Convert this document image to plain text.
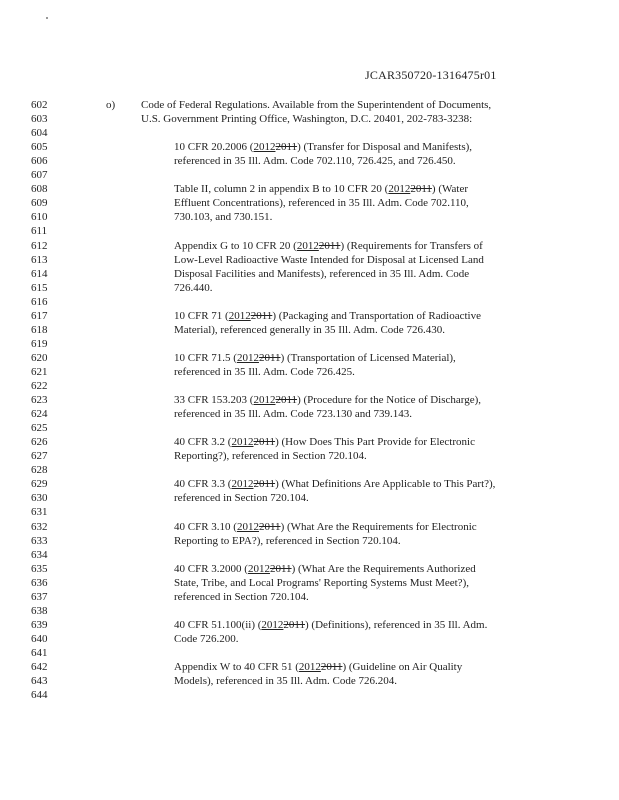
JCAR350720-1316475r01
602
603
604
605
606
607
608
609
610
611
612
613
614
615
616
617
618
619
620
621
622
623
624
625
626
627
628
629
630
631
632
633
634
635
636
637
638
639
640
641
642
643
644
o) Code of Federal Regulations. Available from the Superintendent of Documents,
U.S. Government Printing Office, Washington, D.C. 20401, 202-783-3238:
10 CFR 20.2006 (20122011) (Transfer for Disposal and Manifests),
referenced in 35 Ill. Adm. Code 702.110, 726.425, and 726.450.
Table II, column 2 in appendix B to 10 CFR 20 (20122011) (Water
Effluent Concentrations), referenced in 35 Ill. Adm. Code 702.110,
730.103, and 730.151.
Appendix G to 10 CFR 20 (20122011) (Requirements for Transfers of
Low-Level Radioactive Waste Intended for Disposal at Licensed Land
Disposal Facilities and Manifests), referenced in 35 Ill. Adm. Code
726.440.
10 CFR 71 (20122011) (Packaging and Transportation of Radioactive
Material), referenced generally in 35 Ill. Adm. Code 726.430.
10 CFR 71.5 (20122011) (Transportation of Licensed Material),
referenced in 35 Ill. Adm. Code 726.425.
33 CFR 153.203 (20122011) (Procedure for the Notice of Discharge),
referenced in 35 Ill. Adm. Code 723.130 and 739.143.
40 CFR 3.2 (20122011) (How Does This Part Provide for Electronic
Reporting?), referenced in Section 720.104.
40 CFR 3.3 (20122011) (What Definitions Are Applicable to This Part?),
referenced in Section 720.104.
40 CFR 3.10 (20122011) (What Are the Requirements for Electronic
Reporting to EPA?), referenced in Section 720.104.
40 CFR 3.2000 (20122011) (What Are the Requirements Authorized
State, Tribe, and Local Programs' Reporting Systems Must Meet?),
referenced in Section 720.104.
40 CFR 51.100(ii) (20122011) (Definitions), referenced in 35 Ill. Adm.
Code 726.200.
Appendix W to 40 CFR 51 (20122011) (Guideline on Air Quality
Models), referenced in 35 Ill. Adm. Code 726.204.
